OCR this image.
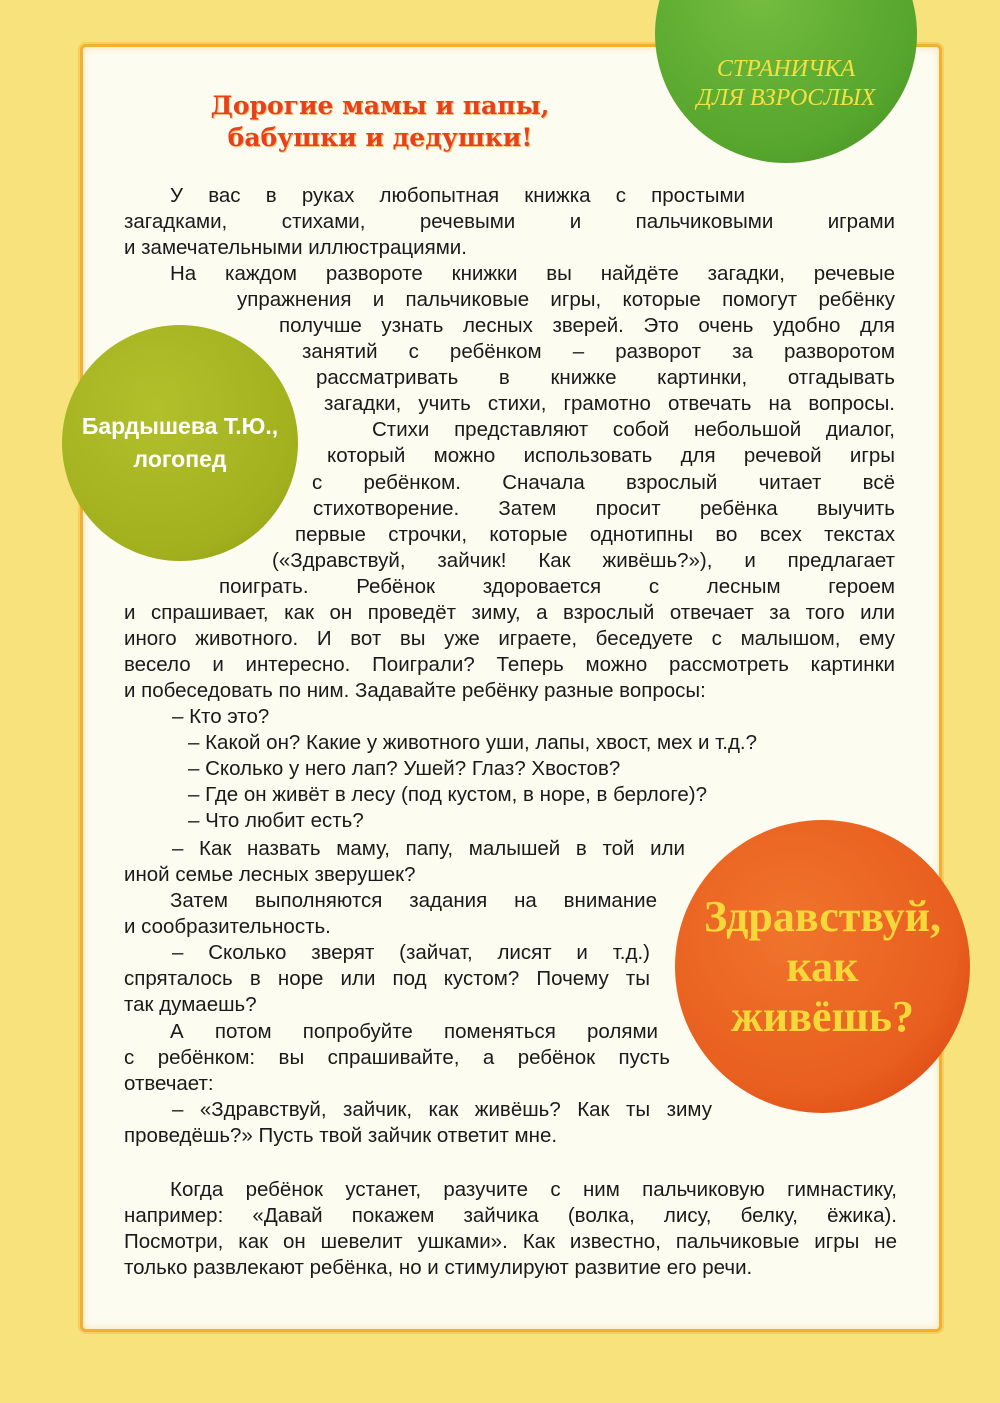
СТРАНИЧКА
ДЛЯ ВЗРОСЛЫХ
Дорогие мамы и папы,
бабушки и дедушки!
Бардышева Т.Ю.,
логопед
Здравствуй,
как
живёшь?
У вас в руках любопытная книжка с простыми
загадками, стихами, речевыми и пальчиковыми играми
и замечательными иллюстрациями.
На каждом развороте книжки вы найдёте загадки, речевые
упражнения и пальчиковые игры, которые помогут ребёнку
получше узнать лесных зверей. Это очень удобно для
занятий с ребёнком – разворот за разворотом
рассматривать в книжке картинки, отгадывать
загадки, учить стихи, грамотно отвечать на вопросы.
Стихи представляют собой небольшой диалог,
который можно использовать для речевой игры
с ребёнком. Сначала взрослый читает всё
стихотворение. Затем просит ребёнка выучить
первые строчки, которые однотипны во всех текстах
(«Здравствуй, зайчик! Как живёшь?»), и предлагает
поиграть. Ребёнок здоровается с лесным героем
и спрашивает, как он проведёт зиму, а взрослый отвечает за того или
иного животного. И вот вы уже играете, беседуете с малышом, ему
весело и интересно. Поиграли? Теперь можно рассмотреть картинки
и побеседовать по ним. Задавайте ребёнку разные вопросы:
– Кто это?
– Какой он? Какие у животного уши, лапы, хвост, мех и т.д.?
– Сколько у него лап? Ушей? Глаз? Хвостов?
– Где он живёт в лесу (под кустом, в норе, в берлоге)?
– Что любит есть?
– Как назвать маму, папу, малышей в той или
иной семье лесных зверушек?
Затем выполняются задания на внимание
и сообразительность.
– Сколько зверят (зайчат, лисят и т.д.)
спряталось в норе или под кустом? Почему ты
так думаешь?
А потом попробуйте поменяться ролями
с ребёнком: вы спрашивайте, а ребёнок пусть
отвечает:
– «Здравствуй, зайчик, как живёшь? Как ты зиму
проведёшь?» Пусть твой зайчик ответит мне.
Когда ребёнок устанет, разучите с ним пальчиковую гимнастику,
например: «Давай покажем зайчика (волка, лису, белку, ёжика).
Посмотри, как он шевелит ушками». Как известно, пальчиковые игры не
только развлекают ребёнка, но и стимулируют развитие его речи.
